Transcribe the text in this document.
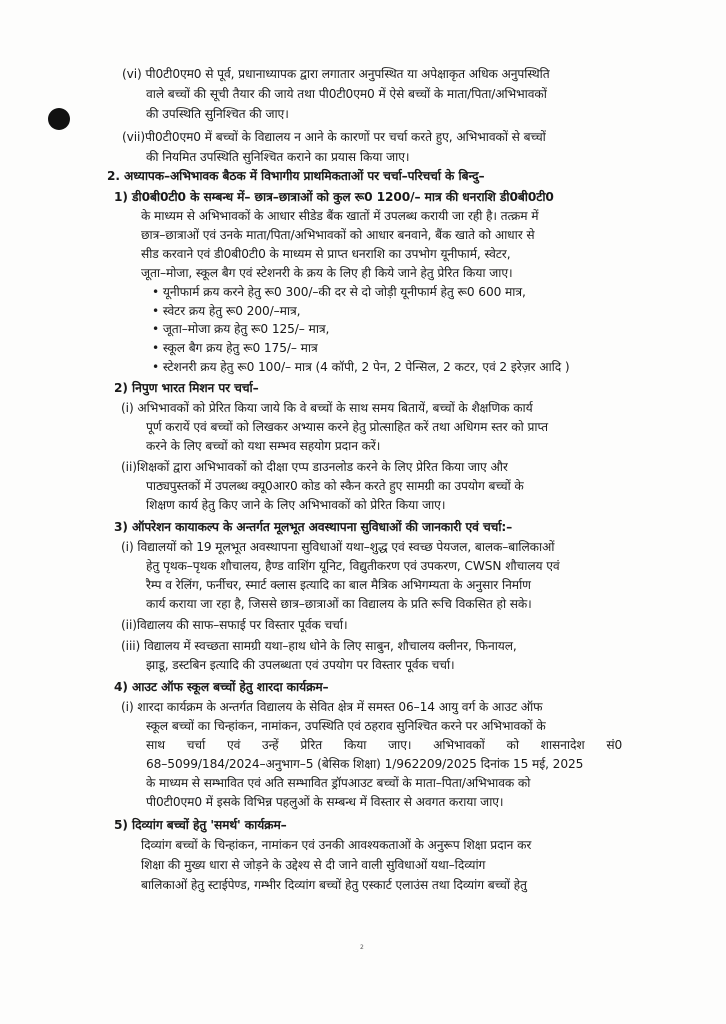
(vi) पी0टी0एम0 से पूर्व, प्रधानाध्यापक द्वारा लगातार अनुपस्थित या अपेक्षाकृत अधिक अनुपस्थिति
वाले बच्चों की सूची तैयार की जाये तथा पी0टी0एम0 में ऐसे बच्चों के माता/पिता/अभिभावकों
की उपस्थिति सुनिश्चित की जाए।
(vii)पी0टी0एम0 में बच्चों के विद्यालय न आने के कारणों पर चर्चा करते हुए, अभिभावकों से बच्चों
की नियमित उपस्थिति सुनिश्चित कराने का प्रयास किया जाए।
2. अध्यापक–अभिभावक बैठक में विभागीय प्राथमिकताओं पर चर्चा–परिचर्चा के बिन्दु–
1) डी0बी0टी0 के सम्बन्ध में– छात्र–छात्राओं को कुल रू0 1200/– मात्र की धनराशि डी0बी0टी0
के माध्यम से अभिभावकों के आधार सीडेड बैंक खातों में उपलब्ध करायी जा रही है। तत्क्रम में
छात्र–छात्राओं एवं उनके माता/पिता/अभिभावकों को आधार बनवाने, बैंक खाते को आधार से
सीड करवाने एवं डी0बी0टी0 के माध्यम से प्राप्त धनराशि का उपभोग यूनीफार्म, स्वेटर,
जूता–मोजा, स्कूल बैग एवं स्टेशनरी के क्रय के लिए ही किये जाने हेतु प्रेरित किया जाए।
• यूनीफार्म क्रय करने हेतु रू0 300/–की दर से दो जोड़ी यूनीफार्म हेतु रू0 600 मात्र,
• स्वेटर क्रय हेतु रू0 200/–मात्र,
• जूता–मोजा क्रय हेतु रू0 125/– मात्र,
• स्कूल बैग क्रय हेतु रू0 175/– मात्र
• स्टेशनरी क्रय हेतु रू0 100/– मात्र (4 कॉपी, 2 पेन, 2 पेन्सिल, 2 कटर, एवं 2 इरेज़र आदि )
2) निपुण भारत मिशन पर चर्चा–
(i) अभिभावकों को प्रेरित किया जाये कि वे बच्चों के साथ समय बितायें, बच्चों के शैक्षणिक कार्य
पूर्ण करायें एवं बच्चों को लिखकर अभ्यास करने हेतु प्रोत्साहित करें तथा अधिगम स्तर को प्राप्त
करने के लिए बच्चों को यथा सम्भव सहयोग प्रदान करें।
(ii)शिक्षकों द्वारा अभिभावकों को दीक्षा एप्प डाउनलोड करने के लिए प्रेरित किया जाए और
पाठ्यपुस्तकों में उपलब्ध क्यू0आर0 कोड को स्कैन करते हुए सामग्री का उपयोग बच्चों के
शिक्षण कार्य हेतु किए जाने के लिए अभिभावकों को प्रेरित किया जाए।
3) ऑपरेशन कायाकल्प के अन्तर्गत मूलभूत अवस्थापना सुविधाओं की जानकारी एवं चर्चा:–
(i) विद्यालयों को 19 मूलभूत अवस्थापना सुविधाओं यथा–शुद्ध एवं स्वच्छ पेयजल, बालक–बालिकाओं
हेतु पृथक–पृथक शौचालय, हैण्ड वाशिंग यूनिट, विद्युतीकरण एवं उपकरण, CWSN शौचालय एवं
रैम्प व रेलिंग, फर्नीचर, स्मार्ट क्लास इत्यादि का बाल मैत्रिक अभिगम्यता के अनुसार निर्माण
कार्य कराया जा रहा है, जिससे छात्र–छात्राओं का विद्यालय के प्रति रूचि विकसित हो सके।
(ii)विद्यालय की साफ–सफाई पर विस्तार पूर्वक चर्चा।
(iii) विद्यालय में स्वच्छता सामग्री यथा–हाथ धोने के लिए साबुन, शौचालय क्लीनर, फिनायल,
झाडू, डस्टबिन इत्यादि की उपलब्धता एवं उपयोग पर विस्तार पूर्वक चर्चा।
4) आउट ऑफ स्कूल बच्चों हेतु शारदा कार्यक्रम–
(i) शारदा कार्यक्रम के अन्तर्गत विद्यालय के सेवित क्षेत्र में समस्त 06–14 आयु वर्ग के आउट ऑफ
स्कूल बच्चों का चिन्हांकन, नामांकन, उपस्थिति एवं ठहराव सुनिश्चित करने पर अभिभावकों के
साथ चर्चा एवं उन्हें प्रेरित किया जाए। अभिभावकों को शासनादेश सं0
68–5099/184/2024–अनुभाग–5 (बेसिक शिक्षा) 1/962209/2025 दिनांक 15 मई, 2025
के माध्यम से सम्भावित एवं अति सम्भावित ड्रॉपआउट बच्चों के माता–पिता/अभिभावक को
पी0टी0एम0 में इसके विभिन्न पहलुओं के सम्बन्ध में विस्तार से अवगत कराया जाए।
5) दिव्यांग बच्चों हेतु 'समर्थ' कार्यक्रम–
दिव्यांग बच्चों के चिन्हांकन, नामांकन एवं उनकी आवश्यकताओं के अनुरूप शिक्षा प्रदान कर
शिक्षा की मुख्य धारा से जोड़ने के उद्देश्य से दी जाने वाली सुविधाओं यथा–दिव्यांग
बालिकाओं हेतु स्टाईपेण्ड, गम्भीर दिव्यांग बच्चों हेतु एस्कार्ट एलाउंस तथा दिव्यांग बच्चों हेतु
2
